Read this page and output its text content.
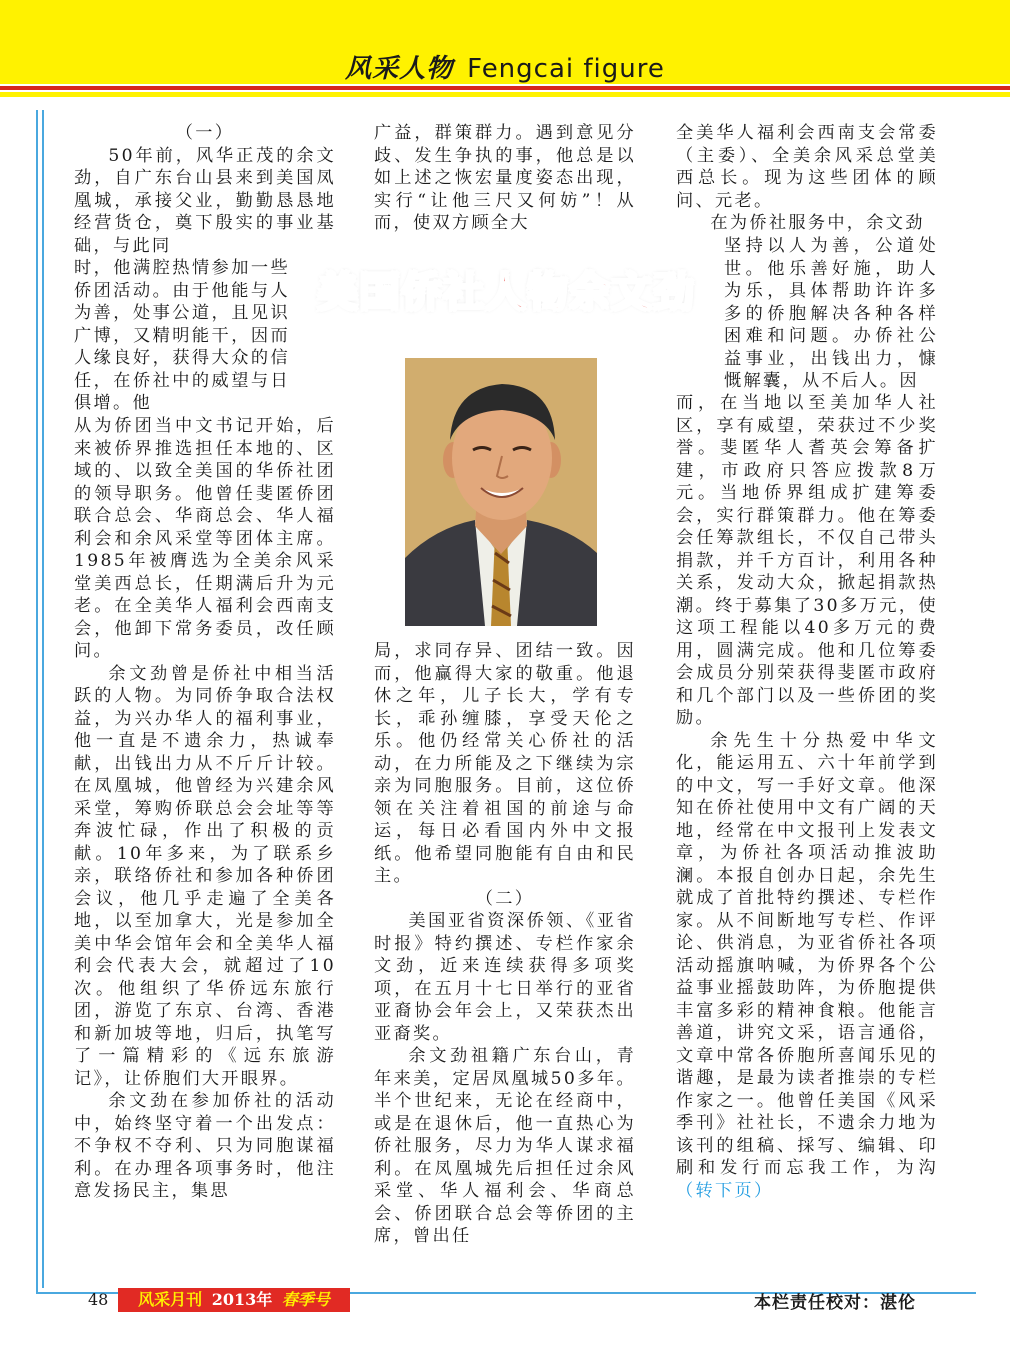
风采人物 Fengcai figure

（一）

50年前，风华正茂的余文劲，自广东台山县来到美国凤凰城，承接父业，勤勤恳恳地经营货仓，奠下殷实的事业基础，与此同

时，他满腔热情参加一些侨团活动。由于他能与人为善，处事公道，且见识广博，又精明能干，因而人缘良好，获得大众的信任，在侨社中的威望与日俱增。他

从为侨团当中文书记开始，后来被侨界推选担任本地的、区域的、以致全美国的华侨社团的领导职务。他曾任斐匿侨团联合总会、华商总会、华人福利会和余风采堂等团体主席。1985年被膺选为全美余风采堂美西总长，任期满后升为元老。在全美华人福利会西南支会，他卸下常务委员，改任顾问。

余文劲曾是侨社中相当活跃的人物。为同侨争取合法权益，为兴办华人的福利事业，他一直是不遗余力，热诚奉献，出钱出力从不斤斤计较。在凤凰城，他曾经为兴建余风采堂，筹购侨联总会会址等等奔波忙碌，作出了积极的贡献。10年多来，为了联系乡亲，联络侨社和参加各种侨团会议，他几乎走遍了全美各地，以至加拿大，光是参加全美中华会馆年会和全美华人福利会代表大会，就超过了10次。他组织了华侨远东旅行团，游览了东京、台湾、香港和新加坡等地，归后，执笔写了一篇精彩的《远东旅游记》，让侨胞们大开眼界。

余文劲在参加侨社的活动中，始终坚守着一个出发点：不争权不夺利、只为同胞谋福利。在办理各项事务时，他注意发扬民主，集思

广益，群策群力。遇到意见分歧、发生争执的事，他总是以如上述之恢宏量度姿态出现，实行“让他三尺又何妨”！从而，使双方顾全大

美国侨社人物余文劲

局，求同存异、团结一致。因而，他赢得大家的敬重。他退休之年，儿子长大，学有专长，乖孙缠膝，享受天伦之乐。他仍经常关心侨社的活动，在力所能及之下继续为宗亲为同胞服务。目前，这位侨领在关注着祖国的前途与命运，每日必看国内外中文报纸。他希望同胞能有自由和民主。

（二）

美国亚省资深侨领、《亚省时报》特约撰述、专栏作家余文劲，近来连续获得多项奖项，在五月十七日举行的亚省亚裔协会年会上，又荣获杰出亚裔奖。

余文劲祖籍广东台山，青年来美，定居凤凰城50多年。半个世纪来，无论在经商中，或是在退休后，他一直热心为侨社服务，尽力为华人谋求福利。在凤凰城先后担任过余风采堂、华人福利会、华商总会、侨团联合总会等侨团的主席，曾出任

全美华人福利会西南支会常委（主委）、全美余风采总堂美西总长。现为这些团体的顾问、元老。

在为侨社服务中，余文劲

坚持以人为善，公道处世。他乐善好施，助人为乐，具体帮助许许多多的侨胞解决各种各样困难和问题。办侨社公益事业，出钱出力，慷慨解囊，从不后人。因

而，在当地以至美加华人社区，享有威望，荣获过不少奖誉。斐匿华人耆英会筹备扩建，市政府只答应拨款8万元。当地侨界组成扩建筹委会，实行群策群力。他在筹委会任筹款组长，不仅自己带头捐款，并千方百计，利用各种关系，发动大众，掀起捐款热潮。终于募集了30多万元，使这项工程能以40多万元的费用，圆满完成。他和几位筹委会成员分别荣获得斐匿市政府和几个部门以及一些侨团的奖励。

余先生十分热爱中华文化，能运用五、六十年前学到的中文，写一手好文章。他深知在侨社使用中文有广阔的天地，经常在中文报刊上发表文章，为侨社各项活动推波助澜。本报自创办日起，余先生就成了首批特约撰述、专栏作家。从不间断地写专栏、作评论、供消息，为亚省侨社各项活动摇旗呐喊，为侨界各个公益事业摇鼓助阵，为侨胞提供丰富多彩的精神食粮。他能言善道，讲究文采，语言通俗，文章中常各侨胞所喜闻乐见的谐趣，是最为读者推崇的专栏作家之一。他曾任美国《风采季刊》社社长，不遗余力地为该刊的组稿、採写、编辑、印刷和发行而忘我工作，为沟（转下页）

48	风采月刊 2013年 春季号	本栏责任校对：湛伦
